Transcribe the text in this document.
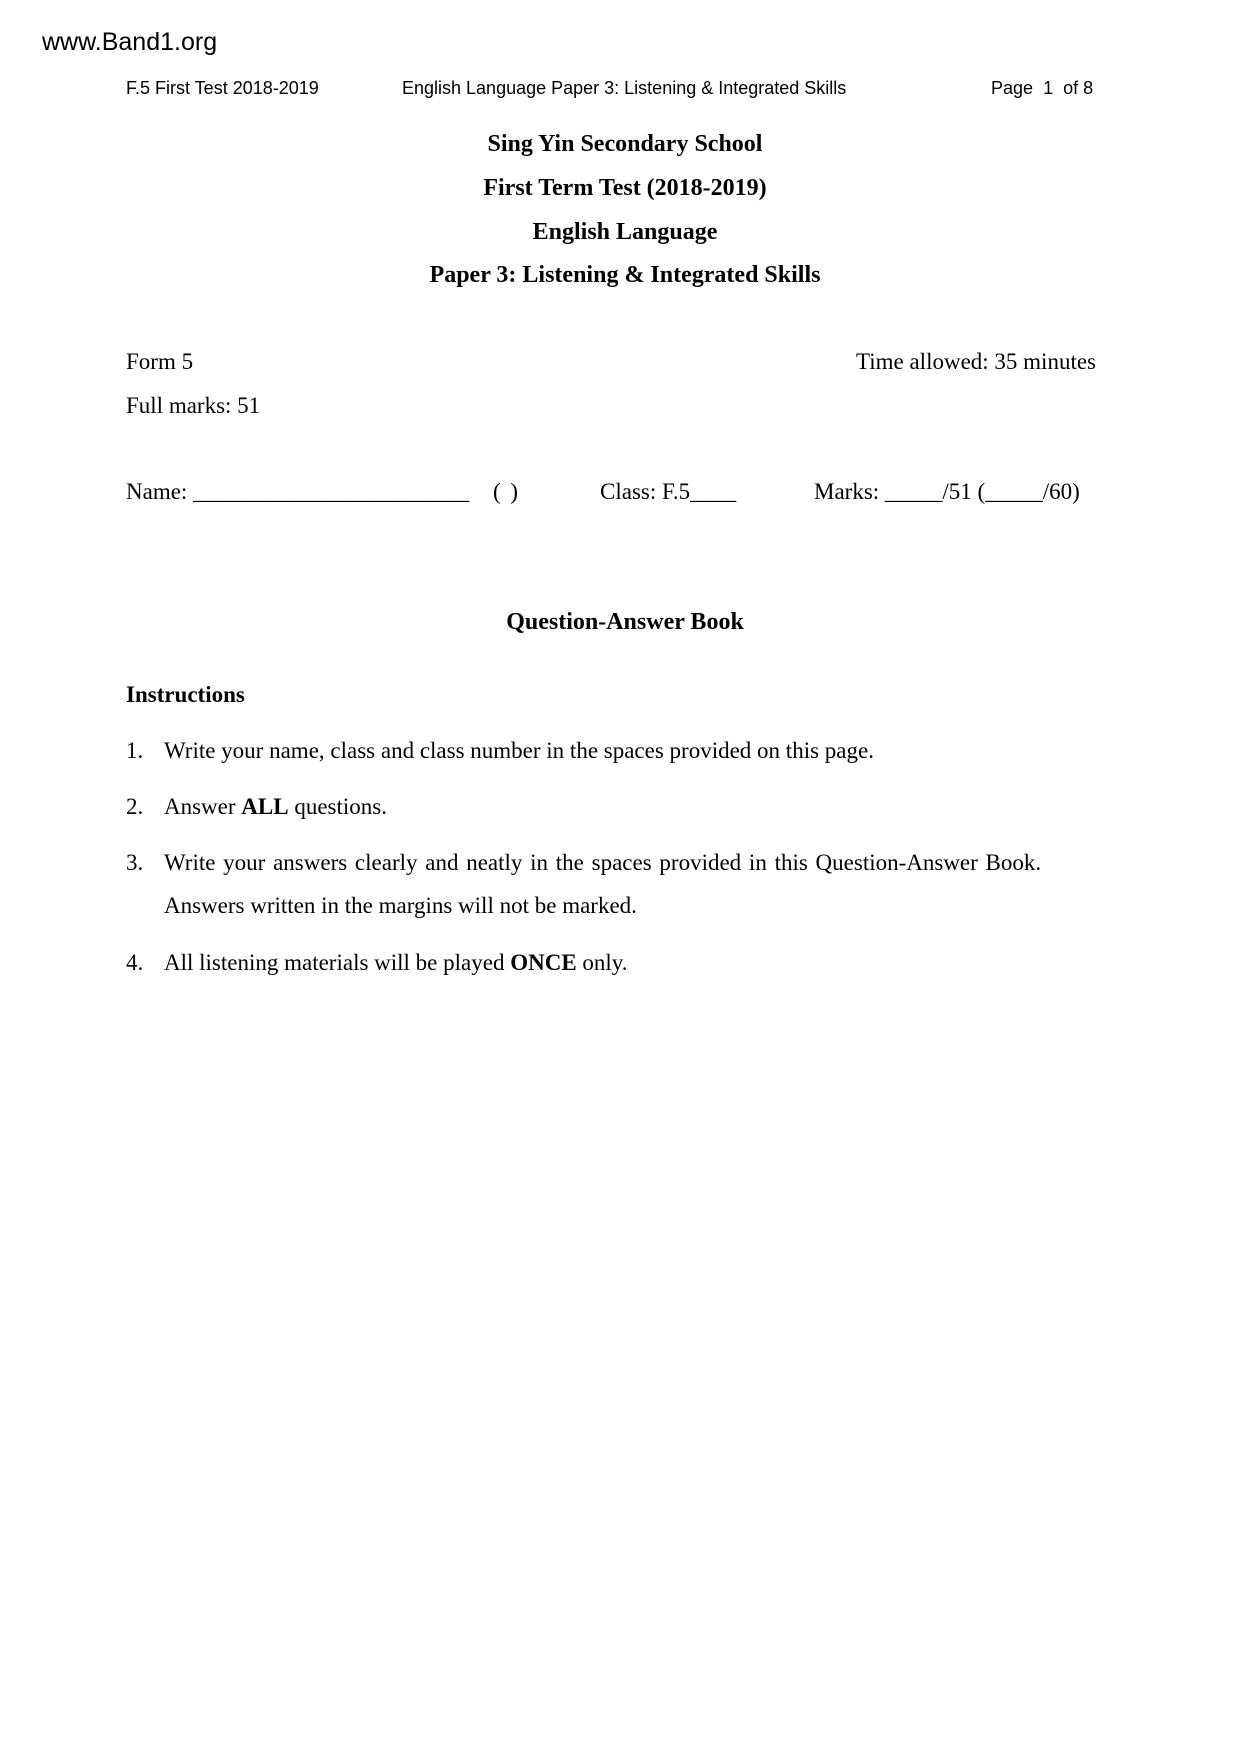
www.Band1.org
F.5 First Test 2018-2019	English Language Paper 3: Listening & Integrated Skills	Page 1 of 8
Sing Yin Secondary School
First Term Test (2018-2019)
English Language
Paper 3: Listening & Integrated Skills
Form 5	Time allowed: 35 minutes
Full marks: 51
Name: ________________________ ( )	Class: F.5____	Marks: _____/51 (_____/60)
Question-Answer Book
Instructions
1. Write your name, class and class number in the spaces provided on this page.
2. Answer ALL questions.
3. Write your answers clearly and neatly in the spaces provided in this Question-Answer Book.
Answers written in the margins will not be marked.
4. All listening materials will be played ONCE only.
